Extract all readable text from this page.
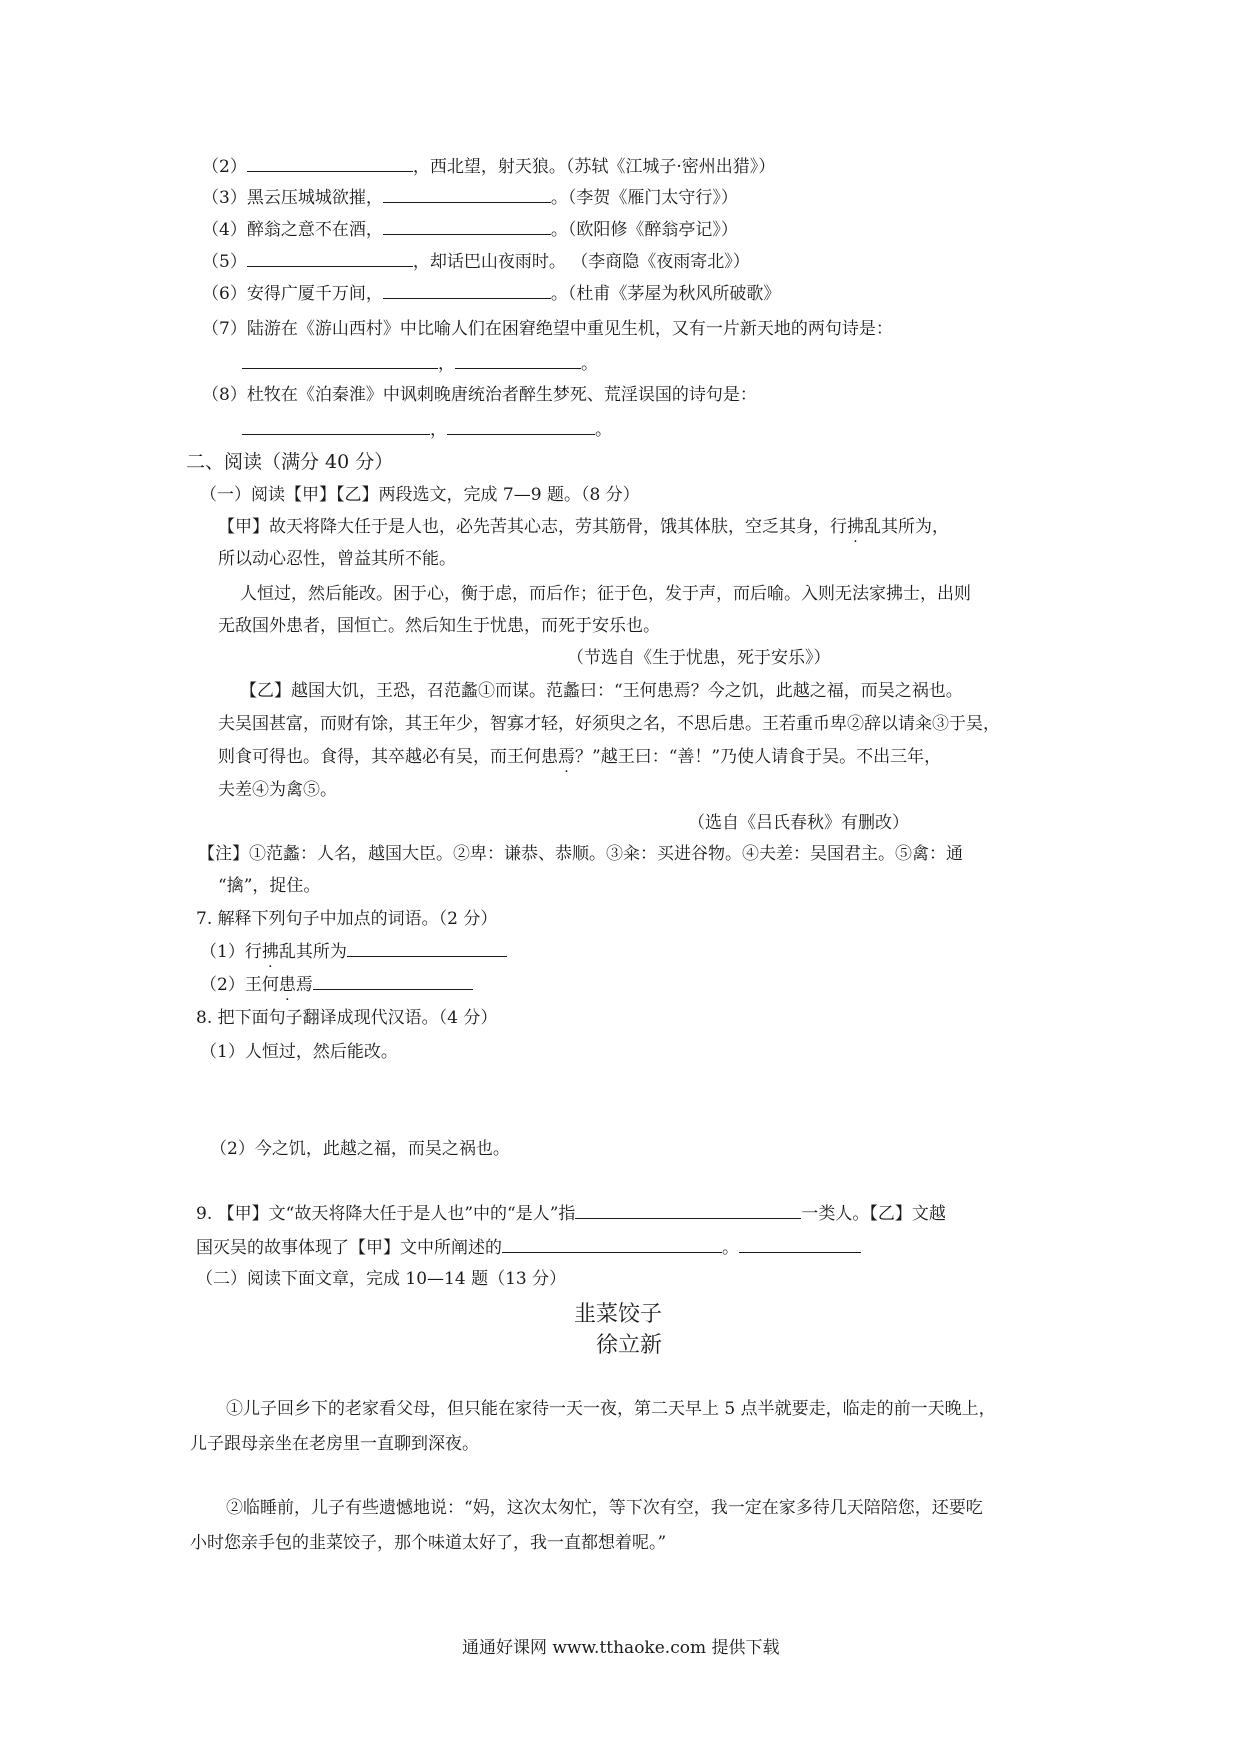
（2）	，西北望，射天狼。（苏轼《江城子·密州出猎》）
（3）黑云压城城欲摧，	。（李贺《雁门太守行》）
（4）醉翁之意不在酒，	。（欧阳修《醉翁亭记》）
（5）	，却话巴山夜雨时。 （李商隐《夜雨寄北》）
（6）安得广厦千万间，	。（杜甫《茅屋为秋风所破歌》
（7）陆游在《游山西村》中比喻人们在困窘绝望中重见生机，又有一片新天地的两句诗是：
，	。
（8）杜牧在《泊秦淮》中讽刺晚唐统治者醉生梦死、荒淫误国的诗句是：
，	。
二、阅读（满分 40 分）
（一）阅读【甲】【乙】两段选文，完成 7—9 题。（8 分）
【甲】故天将降大任于是人也，必先苦其心志，劳其筋骨，饿其体肤，空乏其身，行拂乱其所为，
所以动心忍性，曾益其所不能。
人恒过，然后能改。困于心，衡于虑，而后作；征于色，发于声，而后喻。入则无法家拂士，出则
无敌国外患者，国恒亡。然后知生于忧患，而死于安乐也。
（节选自《生于忧患，死于安乐》）
【乙】越国大饥，王恐，召范蠡①而谋。范蠡曰：“王何患焉？今之饥，此越之福，而吴之祸也。
夫吴国甚富，而财有馀，其王年少，智寡才轻，好须臾之名，不思后患。王若重币卑②辞以请籴③于吴，
则食可得也。食得，其卒越必有吴，而王何患焉？”越王曰：“善！”乃使人请食于吴。不出三年，
夫差④为禽⑤。
（选自《吕氏春秋》有删改）
【注】①范蠡：人名，越国大臣。②卑：谦恭、恭顺。③籴：买进谷物。④夫差：吴国君主。⑤禽：通
“擒”，捉住。
7. 解释下列句子中加点的词语。（2 分）
（1）行拂乱其所为
（2）王何患焉
8. 把下面句子翻译成现代汉语。（4 分）
（1）人恒过，然后能改。
（2）今之饥，此越之福，而吴之祸也。
9. 【甲】文“故天将降大任于是人也”中的“是人”指	一类人。【乙】文越
国灭吴的故事体现了【甲】文中所阐述的	。
（二）阅读下面文章，完成 10—14 题（13 分）
韭菜饺子
徐立新
①儿子回乡下的老家看父母，但只能在家待一天一夜，第二天早上 5 点半就要走，临走的前一天晚上，
儿子跟母亲坐在老房里一直聊到深夜。
②临睡前，儿子有些遗憾地说：“妈，这次太匆忙，等下次有空，我一定在家多待几天陪陪您，还要吃
小时您亲手包的韭菜饺子，那个味道太好了，我一直都想着呢。”
通通好课网 www.tthaoke.com 提供下载
